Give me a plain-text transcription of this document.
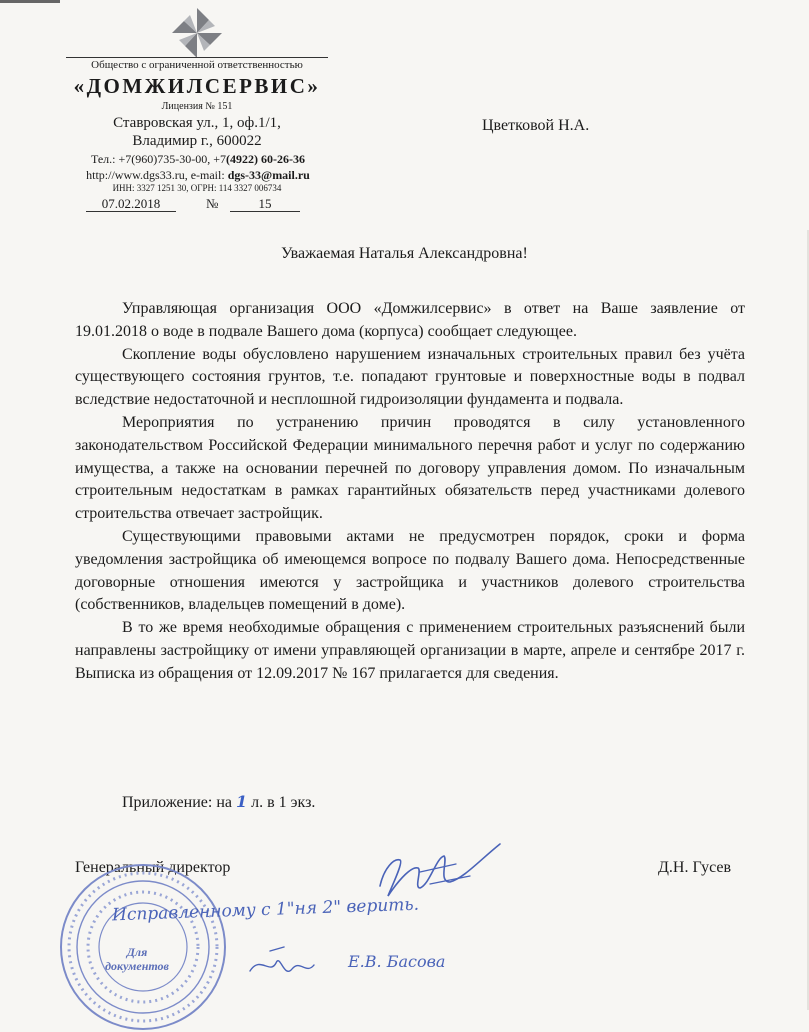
Общество с ограниченной ответственностью
«ДОМЖИЛСЕРВИС»
Лицензия № 151
Ставровская ул., 1, оф.1/1,
Владимир г., 600022
Тел.: +7(960)735-30-00, +7(4922) 60-26-36
http://www.dgs33.ru, e-mail: dgs-33@mail.ru
ИНН: 3327 1251 30, ОГРН: 114 3327 006734
07.02.2018	№	15
Цветковой Н.А.
Уважаемая Наталья Александровна!

Управляющая организация ООО «Домжилсервис» в ответ на Ваше заявление от 19.01.2018 о воде в подвале Вашего дома (корпуса) сообщает следующее.

Скопление воды обусловлено нарушением изначальных строительных правил без учёта существующего состояния грунтов, т.е. попадают грунтовые и поверхностные воды в подвал вследствие недостаточной и несплошной гидроизоляции фундамента и подвала.

Мероприятия по устранению причин проводятся в силу установленного законодательством Российской Федерации минимального перечня работ и услуг по содержанию имущества, а также на основании перечней по договору управления домом. По изначальным строительным недостаткам в рамках гарантийных обязательств перед участниками долевого строительства отвечает застройщик.

Существующими правовыми актами не предусмотрен порядок, сроки и форма уведомления застройщика об имеющемся вопросе по подвалу Вашего дома. Непосредственные договорные отношения имеются у застройщика и участников долевого строительства (собственников, владельцев помещений в доме).

В то же время необходимые обращения с применением строительных разъяснений были направлены застройщику от имени управляющей организации в марте, апреле и сентябре 2017 г. Выписка из обращения от 12.09.2017 № 167 прилагается для сведения.

Приложение: на 1 л. в 1 экз.
Генеральный директор	Д.Н. Гусев
Для
документов
Исправленному с 1"ня 2" верить.
Е.В. Басова
